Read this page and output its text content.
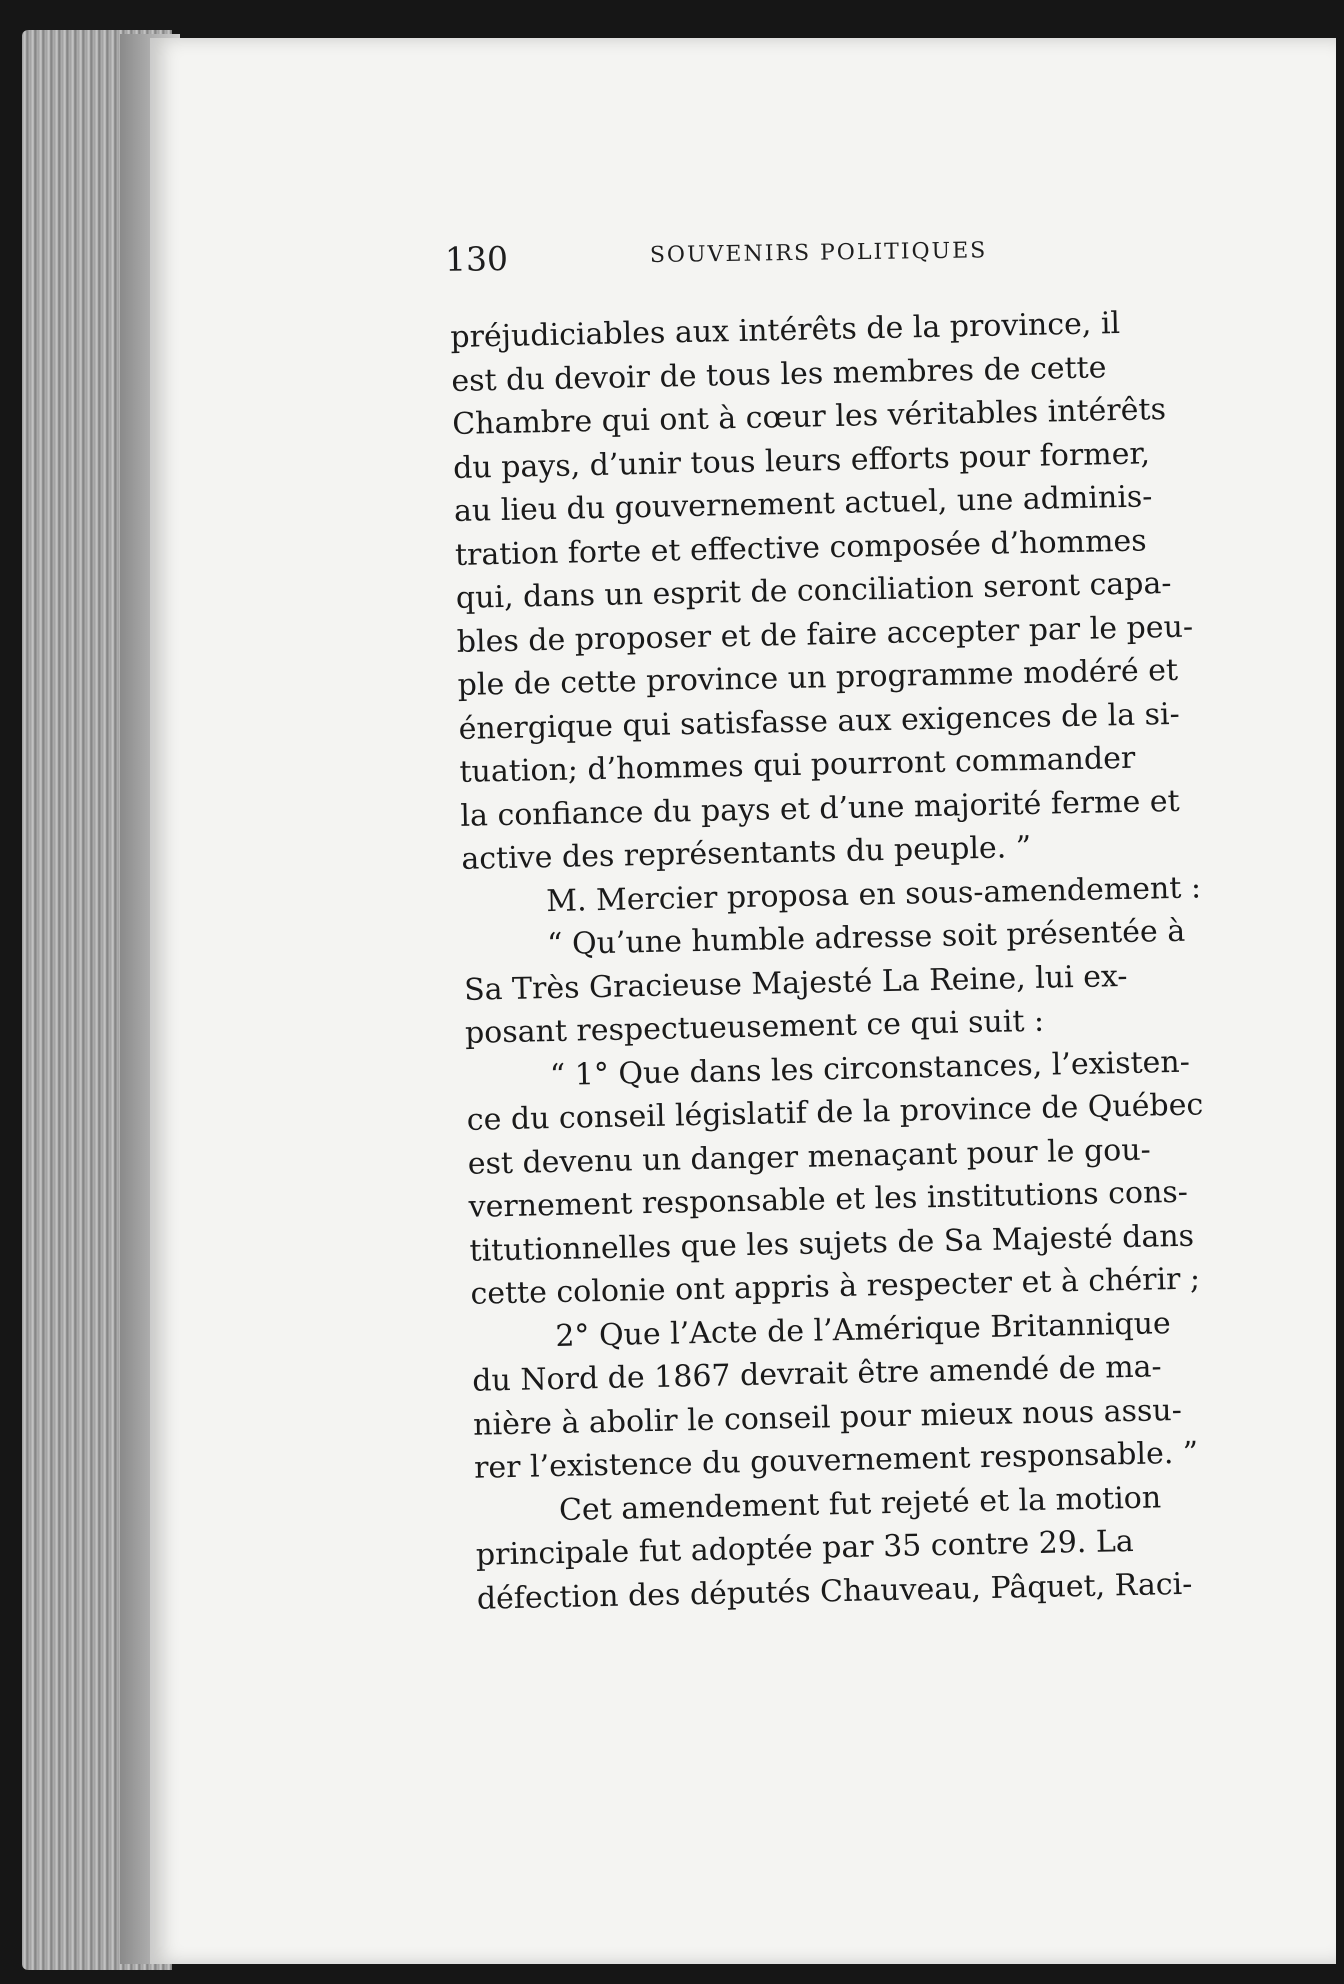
130	SOUVENIRS POLITIQUES
préjudiciables aux intérêts de la province, il
est du devoir de tous les membres de cette
Chambre qui ont à cœur les véritables intérêts
du pays, d’unir tous leurs efforts pour former,
au lieu du gouvernement actuel, une adminis-
tration forte et effective composée d’hommes
qui, dans un esprit de conciliation seront capa-
bles de proposer et de faire accepter par le peu-
ple de cette province un programme modéré et
énergique qui satisfasse aux exigences de la si-
tuation; d’hommes qui pourront commander
la confiance du pays et d’une majorité ferme et
active des représentants du peuple. ”
M. Mercier proposa en sous-amendement :
“ Qu’une humble adresse soit présentée à
Sa Très Gracieuse Majesté La Reine, lui ex-
posant respectueusement ce qui suit :
“ 1° Que dans les circonstances, l’existen-
ce du conseil législatif de la province de Québec
est devenu un danger menaçant pour le gou-
vernement responsable et les institutions cons-
titutionnelles que les sujets de Sa Majesté dans
cette colonie ont appris à respecter et à chérir ;
2° Que l’Acte de l’Amérique Britannique
du Nord de 1867 devrait être amendé de ma-
nière à abolir le conseil pour mieux nous assu-
rer l’existence du gouvernement responsable. ”
Cet amendement fut rejeté et la motion
principale fut adoptée par 35 contre 29. La
défection des députés Chauveau, Pâquet, Raci-
